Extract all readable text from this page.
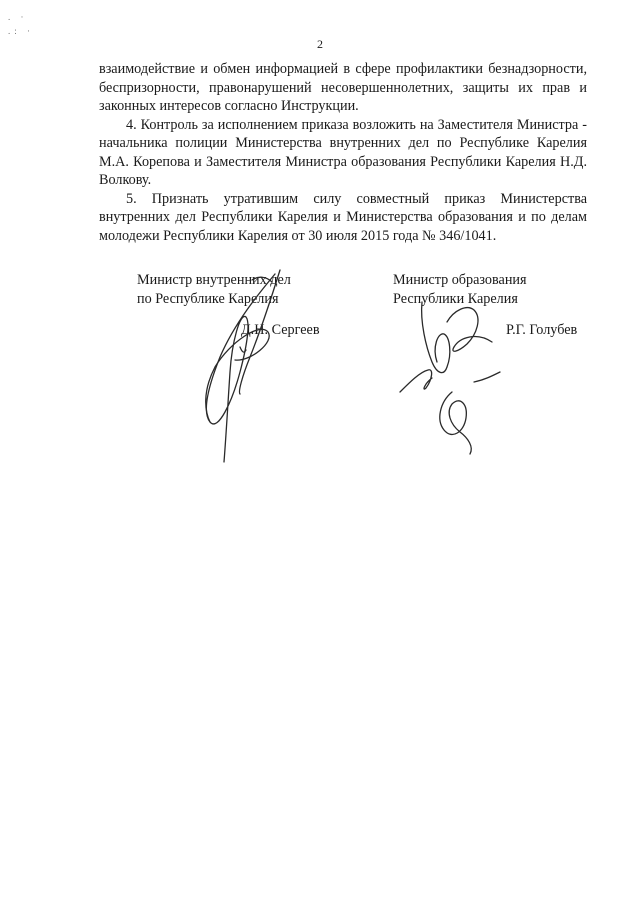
. ·
.: ·
2

взаимодействие и обмен информацией в сфере профилактики безнадзорности, беспризорности, правонарушений несовершеннолетних, защиты их прав и законных интересов согласно Инструкции.

4. Контроль за исполнением приказа возложить на Заместителя Министра - начальника полиции Министерства внутренних дел по Республике Карелия М.А. Корепова и Заместителя Министра образования Республики Карелия Н.Д. Волкову.

5. Признать утратившим силу совместный приказ Министерства внутренних дел Республики Карелия и Министерства образования и по делам молодежи Республики Карелия от 30 июля 2015 года № 346/1041.

Министр внутренних дел
по Республике Карелия
Д.Н. Сергеев
Министр образования
Республики Карелия
Р.Г. Голубев
